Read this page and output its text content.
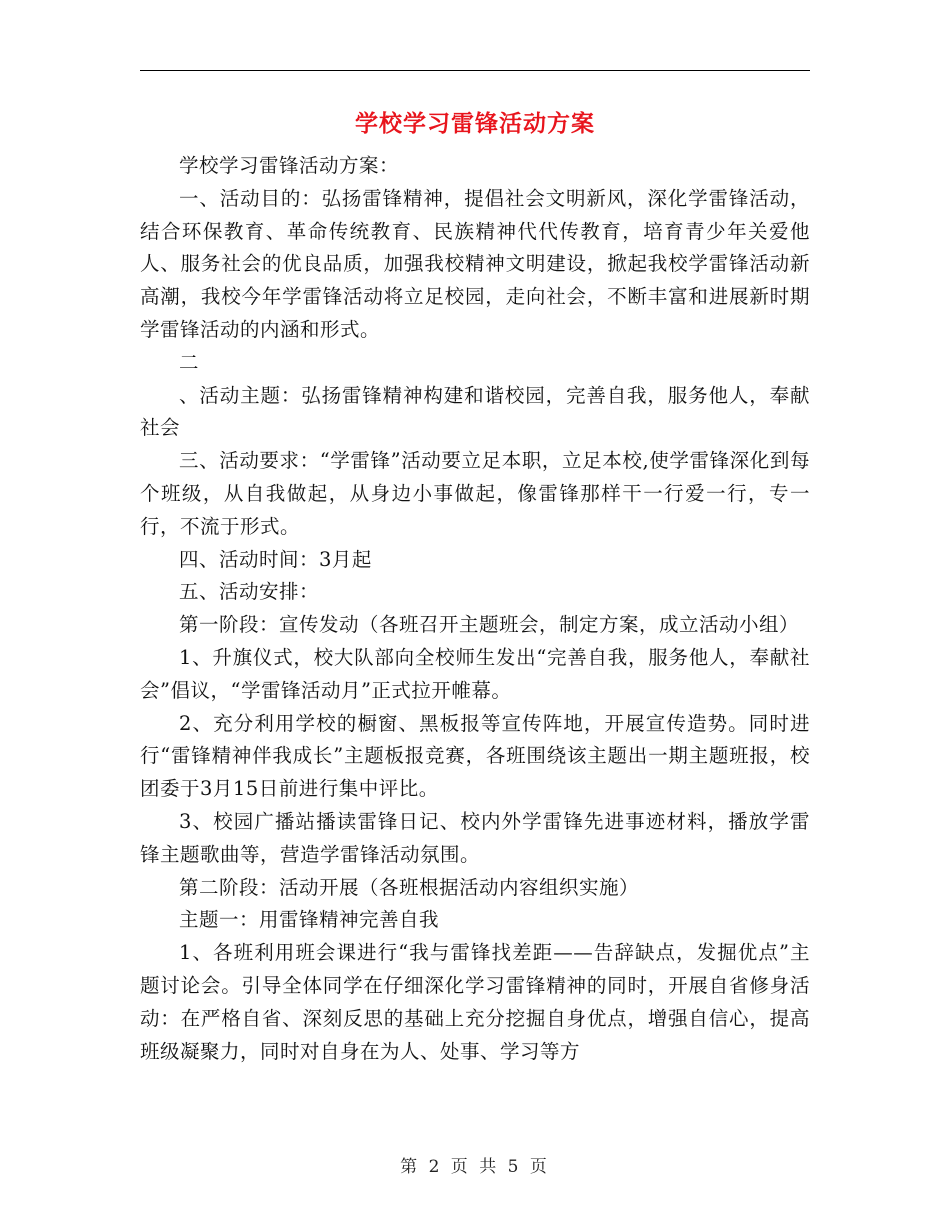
学校学习雷锋活动方案

学校学习雷锋活动方案：

一、活动目的：弘扬雷锋精神，提倡社会文明新风，深化学雷锋活动，结合环保教育、革命传统教育、民族精神代代传教育，培育青少年关爱他人、服务社会的优良品质，加强我校精神文明建设，掀起我校学雷锋活动新高潮，我校今年学雷锋活动将立足校园，走向社会，不断丰富和进展新时期学雷锋活动的内涵和形式。

二

、活动主题：弘扬雷锋精神构建和谐校园，完善自我，服务他人，奉献社会

三、活动要求：“学雷锋”活动要立足本职，立足本校,使学雷锋深化到每个班级，从自我做起，从身边小事做起，像雷锋那样干一行爱一行，专一行，不流于形式。

四、活动时间：3月起

五、活动安排：

第一阶段：宣传发动（各班召开主题班会，制定方案，成立活动小组）

1、升旗仪式，校大队部向全校师生发出“完善自我，服务他人，奉献社会”倡议，“学雷锋活动月”正式拉开帷幕。

2、充分利用学校的橱窗、黑板报等宣传阵地，开展宣传造势。同时进行“雷锋精神伴我成长”主题板报竞赛，各班围绕该主题出一期主题班报，校团委于3月15日前进行集中评比。

3、校园广播站播读雷锋日记、校内外学雷锋先进事迹材料，播放学雷锋主题歌曲等，营造学雷锋活动氛围。

第二阶段：活动开展（各班根据活动内容组织实施）

主题一：用雷锋精神完善自我

1、各班利用班会课进行“我与雷锋找差距——告辞缺点，发掘优点”主题讨论会。引导全体同学在仔细深化学习雷锋精神的同时，开展自省修身活动：在严格自省、深刻反思的基础上充分挖掘自身优点，增强自信心，提高班级凝聚力，同时对自身在为人、处事、学习等方

第 2 页 共 5 页
